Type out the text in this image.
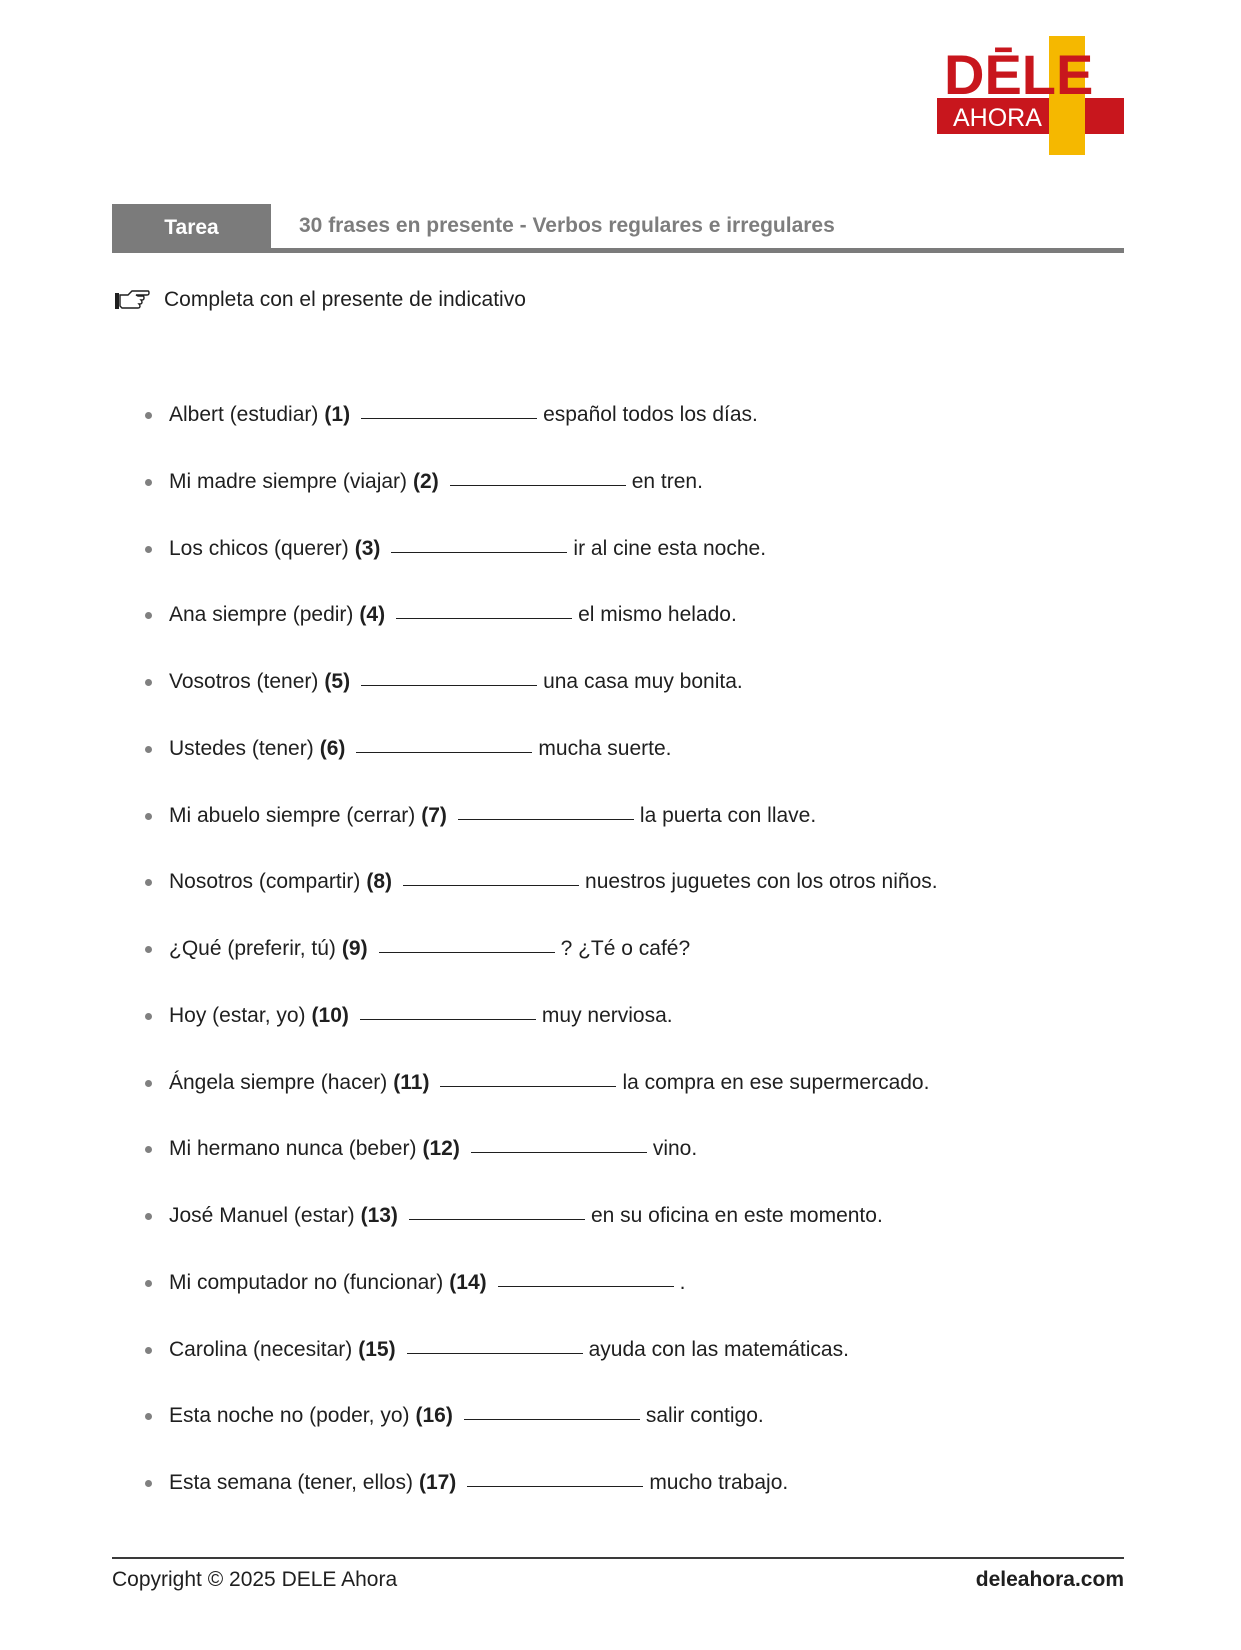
DĒLE
AHORA
Tarea	30 frases en presente - Verbos regulares e irregulares
Completa con el presente de indicativo
Albert (estudiar) (1)	español todos los días.
Mi madre siempre (viajar) (2)	en tren.
Los chicos (querer) (3)	ir al cine esta noche.
Ana siempre (pedir) (4)	el mismo helado.
Vosotros (tener) (5)	una casa muy bonita.
Ustedes (tener) (6)	mucha suerte.
Mi abuelo siempre (cerrar) (7)	la puerta con llave.
Nosotros (compartir) (8)	nuestros juguetes con los otros niños.
¿Qué (preferir, tú) (9)	? ¿Té o café?
Hoy (estar, yo) (10)	muy nerviosa.
Ángela siempre (hacer) (11)	la compra en ese supermercado.
Mi hermano nunca (beber) (12)	vino.
José Manuel (estar) (13)	en su oficina en este momento.
Mi computador no (funcionar) (14)	.
Carolina (necesitar) (15)	ayuda con las matemáticas.
Esta noche no (poder, yo) (16)	salir contigo.
Esta semana (tener, ellos) (17)	mucho trabajo.
Copyright © 2025 DELE Ahora	deleahora.com
